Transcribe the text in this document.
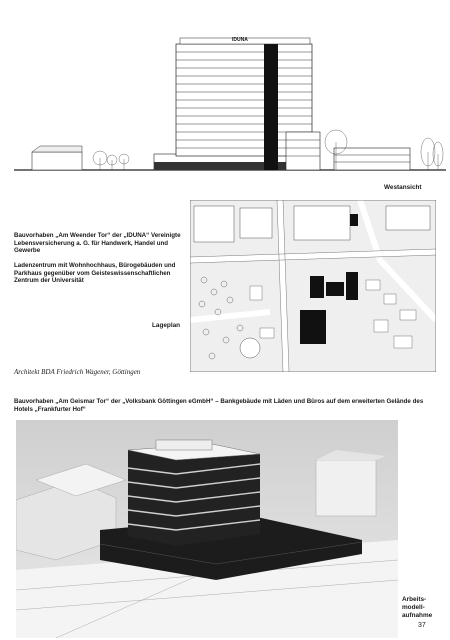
IDUNA
Westansicht
Bauvorhaben „Am Weender Tor“ der „IDUNA“ Vereinigte Lebensversicherung a. G. für Handwerk, Handel und Gewerbe
Ladenzentrum mit Wohnhochhaus, Bürogebäuden und Parkhaus gegenüber vom Geisteswissenschaftlichen Zentrum der Universität
Lageplan
Architekt BDA Friedrich Wagener, Göttingen
Bauvorhaben „Am Geismar Tor“ der „Volksbank Göttingen eGmbH“ – Bankgebäude mit Läden und Büros auf dem erweiterten Gelände des Hotels „Frankfurter Hof“
Arbeits-
modell-
aufnahme
37
